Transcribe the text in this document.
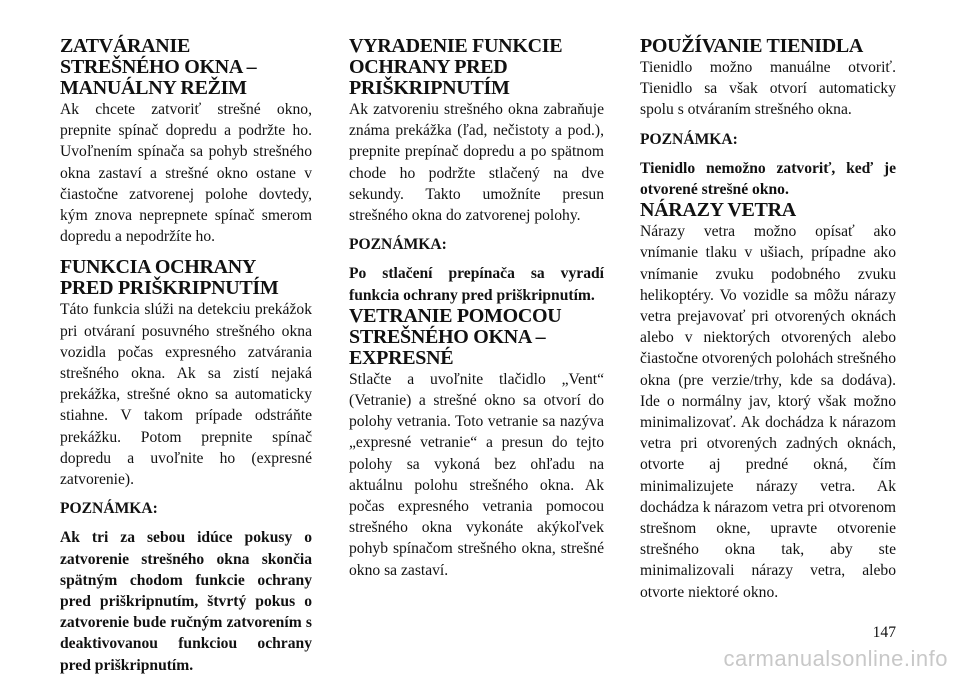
ZATVÁRANIE
STREŠNÉHO OKNA –
MANUÁLNY REŽIM

Ak chcete zatvoriť strešné okno, prepnite spínač dopredu a podržte ho. Uvoľnením spínača sa pohyb strešného okna zastaví a strešné okno ostane v čiastočne zatvorenej polohe dovtedy, kým znova neprepnete spínač smerom dopredu a nepodržíte ho.

FUNKCIA OCHRANY
PRED PRIŠKRIPNUTÍM

Táto funkcia slúži na detekciu prekážok pri otváraní posuvného strešného okna vozidla počas expresného zatvárania strešného okna. Ak sa zistí nejaká prekážka, strešné okno sa automaticky stiahne. V takom prípade odstráňte prekážku. Potom prepnite spínač dopredu a uvoľnite ho (expresné zatvorenie).

POZNÁMKA:

Ak tri za sebou idúce pokusy o zatvorenie strešného okna skončia spätným chodom funkcie ochrany pred priškripnutím, štvrtý pokus o zatvorenie bude ručným zatvorením s deaktivovanou funkciou ochrany pred priškripnutím.

VYRADENIE FUNKCIE
OCHRANY PRED
PRIŠKRIPNUTÍM

Ak zatvoreniu strešného okna zabraňuje známa prekážka (ľad, nečistoty a pod.), prepnite prepínač dopredu a po spätnom chode ho podržte stlačený na dve sekundy. Takto umožníte presun strešného okna do zatvorenej polohy.

POZNÁMKA:

Po stlačení prepínača sa vyradí funkcia ochrany pred priškripnutím.

VETRANIE POMOCOU
STREŠNÉHO OKNA –
EXPRESNÉ

Stlačte a uvoľnite tlačidlo „Vent“ (Vetranie) a strešné okno sa otvorí do polohy vetrania. Toto vetranie sa nazýva „expresné vetranie“ a presun do tejto polohy sa vykoná bez ohľadu na aktuálnu polohu strešného okna. Ak počas expresného vetrania pomocou strešného okna vykonáte akýkoľvek pohyb spínačom strešného okna, strešné okno sa zastaví.

POUŽÍVANIE TIENIDLA

Tienidlo možno manuálne otvoriť. Tienidlo sa však otvorí automaticky spolu s otváraním strešného okna.

POZNÁMKA:

Tienidlo nemožno zatvoriť, keď je otvorené strešné okno.

NÁRAZY VETRA

Nárazy vetra možno opísať ako vnímanie tlaku v ušiach, prípadne ako vnímanie zvuku podobného zvuku helikoptéry. Vo vozidle sa môžu nárazy vetra prejavovať pri otvorených oknách alebo v niektorých otvorených alebo čiastočne otvorených polohách strešného okna (pre verzie/trhy, kde sa dodáva). Ide o normálny jav, ktorý však možno minimalizovať. Ak dochádza k nárazom vetra pri otvorených zadných oknách, otvorte aj predné okná, čím minimalizujete nárazy vetra. Ak dochádza k nárazom vetra pri otvorenom strešnom okne, upravte otvorenie strešného okna tak, aby ste minimalizovali nárazy vetra, alebo otvorte niektoré okno.

147
carmanualsonline.info
